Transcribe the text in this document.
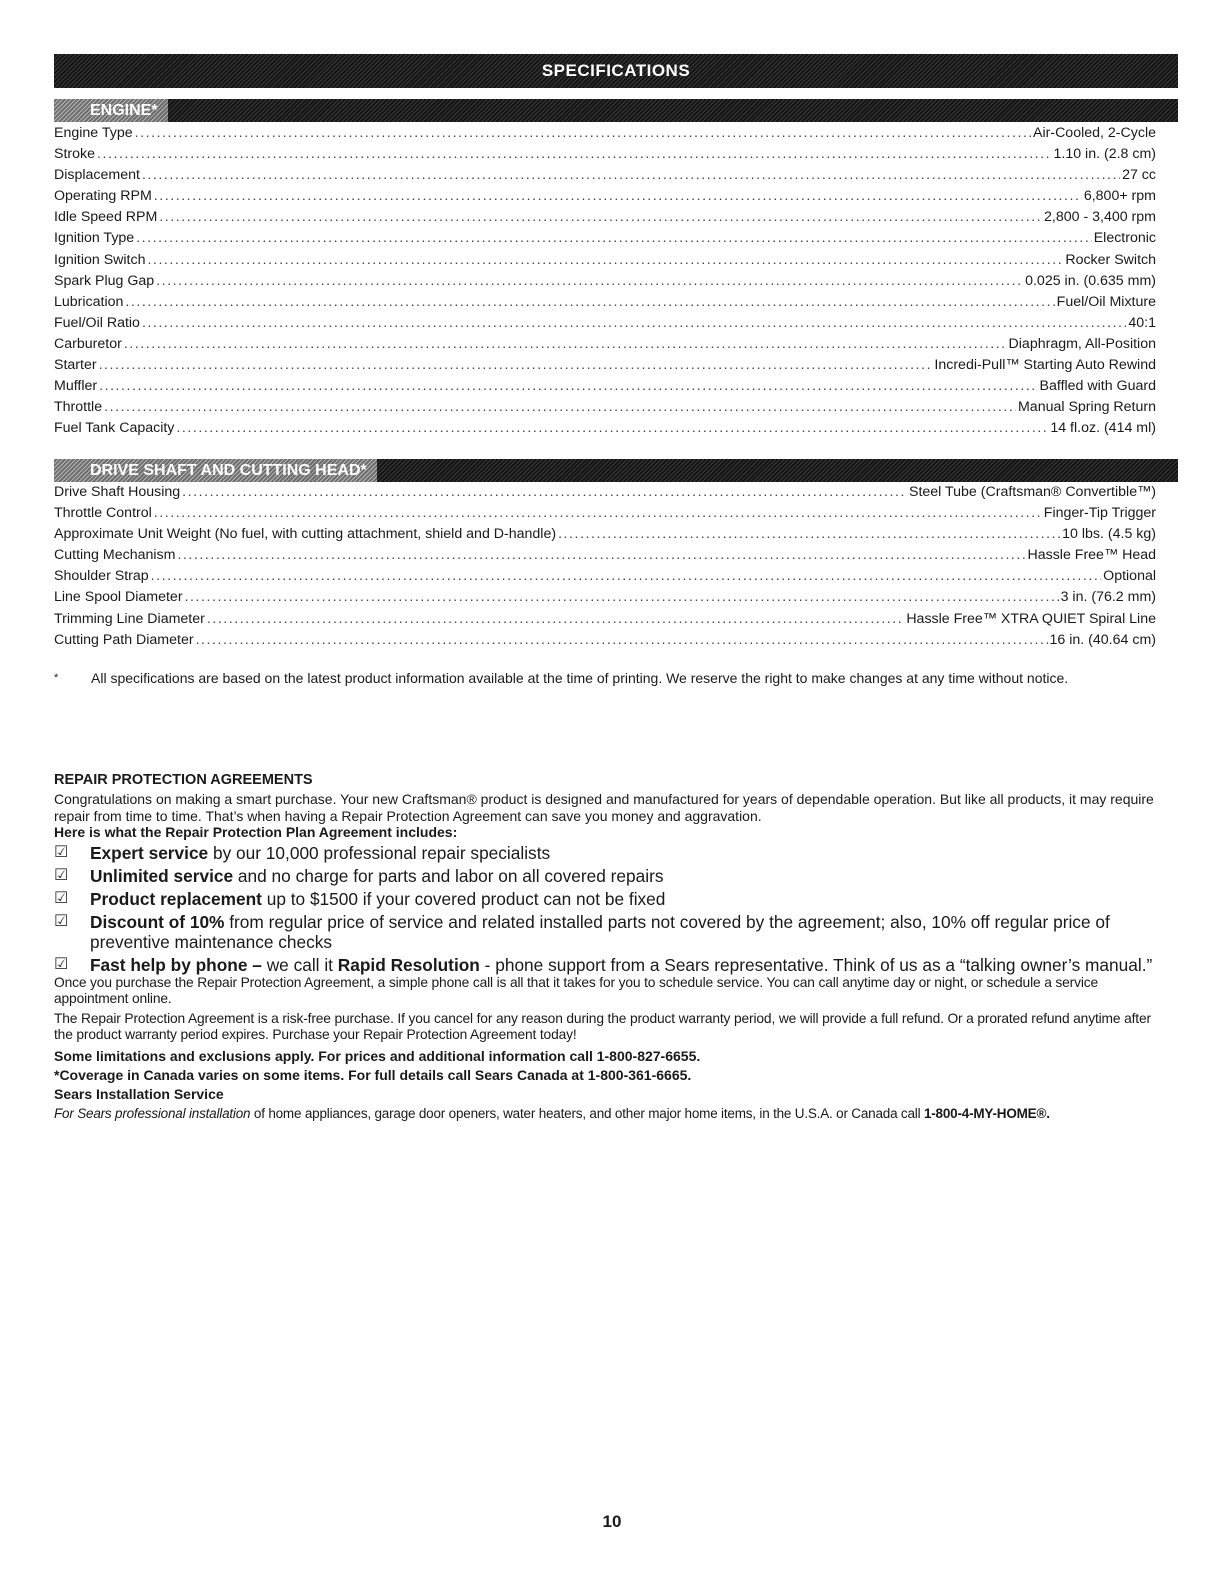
SPECIFICATIONS
ENGINE*
Engine Type . . .	Air-Cooled, 2-Cycle
Stroke . . .	1.10 in. (2.8 cm)
Displacement . . .	27 cc
Operating RPM . . .	6,800+ rpm
Idle Speed RPM . . .	2,800 - 3,400 rpm
Ignition Type . . .	Electronic
Ignition Switch . . .	Rocker Switch
Spark Plug Gap . . .	0.025 in. (0.635 mm)
Lubrication . . .	Fuel/Oil Mixture
Fuel/Oil Ratio . . .	40:1
Carburetor . . .	Diaphragm, All-Position
Starter . . .	Incredi-Pull™ Starting Auto Rewind
Muffler . . .	Baffled with Guard
Throttle . . .	Manual Spring Return
Fuel Tank Capacity . . .	14 fl.oz. (414 ml)
DRIVE SHAFT AND CUTTING HEAD*
Drive Shaft Housing . . .	Steel Tube (Craftsman® Convertible™)
Throttle Control . . .	Finger-Tip Trigger
Approximate Unit Weight (No fuel, with cutting attachment, shield and D-handle) . . .	10 lbs. (4.5 kg)
Cutting Mechanism . . .	Hassle Free™ Head
Shoulder Strap . . .	Optional
Line Spool Diameter . . .	3 in. (76.2 mm)
Trimming Line Diameter . . .	Hassle Free™ XTRA QUIET Spiral Line
Cutting Path Diameter . . .	16 in. (40.64 cm)
*	All specifications are based on the latest product information available at the time of printing. We reserve the right to make changes at any time without notice.

REPAIR PROTECTION AGREEMENTS

Congratulations on making a smart purchase. Your new Craftsman® product is designed and manufactured for years of dependable operation. But like all products, it may require repair from time to time. That’s when having a Repair Protection Agreement can save you money and aggravation.

Here is what the Repair Protection Plan Agreement includes:

☑	Expert service by our 10,000 professional repair specialists
☑	Unlimited service and no charge for parts and labor on all covered repairs
☑	Product replacement up to $1500 if your covered product can not be fixed
☑	Discount of 10% from regular price of service and related installed parts not covered by the agreement; also, 10% off regular price of preventive maintenance checks
☑	Fast help by phone – we call it Rapid Resolution - phone support from a Sears representative. Think of us as a “talking owner’s manual.”

Once you purchase the Repair Protection Agreement, a simple phone call is all that it takes for you to schedule service. You can call anytime day or night, or schedule a service appointment online.

The Repair Protection Agreement is a risk-free purchase. If you cancel for any reason during the product warranty period, we will provide a full refund. Or a prorated refund anytime after the product warranty period expires. Purchase your Repair Protection Agreement today!

Some limitations and exclusions apply. For prices and additional information call 1-800-827-6655.

*Coverage in Canada varies on some items. For full details call Sears Canada at 1-800-361-6665.

Sears Installation Service

For Sears professional installation of home appliances, garage door openers, water heaters, and other major home items, in the U.S.A. or Canada call 1-800-4-MY-HOME®.

10
